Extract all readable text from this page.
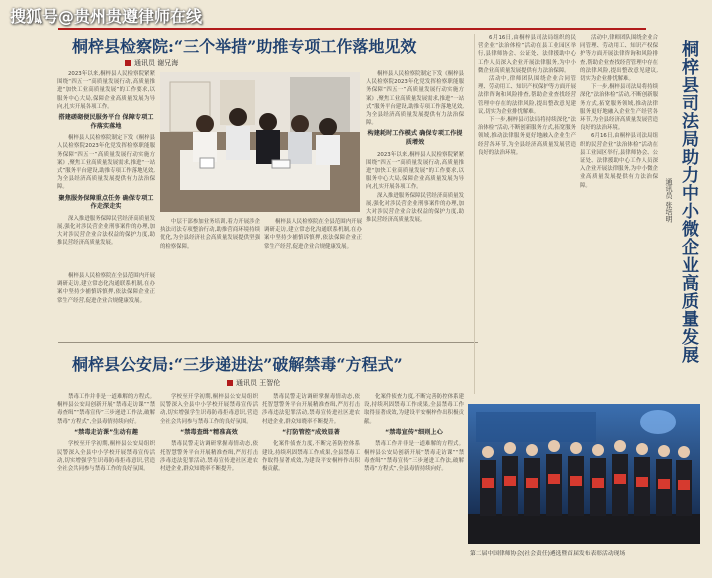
搜狐号@贵州贵遵律师在线
桐梓县检察院:“三个举措”助推专项工作落地见效
通讯员 谢兄海

2023年以来,桐梓县人民检察院紧紧围绕“四五一”高质量发展行动,高质量推进“加快工业高质量发展”的工作要求,以服务中心大局,保障企业高质量发展为导向,扎实开展各项工作。

搭建磋砌便民服务平台 保障专项工作落实落地

桐梓县人民检察院制定下发《桐梓县人民检察院2023年化党发挥检察职能服务保障“四五一”高质量发展行动实施方案》,聚焦工业高质量发展需求,推进“一站式”服务平台建设,助推专项工作落地见效,为全县经济高质量发展提供有力法治保障。

聚焦服务保障重点任务 确保专项工作走深走实

深入推进服务保障民营经济高质量发展,强化对涉民营企业刑事案件的办理,加大对涉民营企业合法权益的保护力度,助推民营经济高质量发展。

中层干部参加业务培训,着力开展涉企执法司法专项整治行动,助推营商环境持续优化,为全县经济社会高质量发展提供坚强的检察保障。

桐梓县人民检察院在全县范围内开展调研走访,建立常态化沟通联系机制,在办案中坚持少捕慎诉慎押,依法保障企业正常生产经营,促进企业合规健康发展。

桐梓县人民检察院制定下发《桐梓县人民检察院2023年化党发挥检察职能服务保障“四五一”高质量发展行动实施方案》,聚焦工业高质量发展需求,推进“一站式”服务平台建设,助推专项工作落地见效,为全县经济高质量发展提供有力法治保障。

构建耗时工作模式 确保专项工作提质增效

2023年以来,桐梓县人民检察院紧紧围绕“四五一”高质量发展行动,高质量推进“加快工业高质量发展”的工作要求,以服务中心大局,保障企业高质量发展为导向,扎实开展各项工作。

深入推进服务保障民营经济高质量发展,强化对涉民营企业刑事案件的办理,加大对涉民营企业合法权益的保护力度,助推民营经济高质量发展。

桐梓县人民检察院在全县范围内开展调研走访,建立常态化沟通联系机制,在办案中坚持少捕慎诉慎押,依法保障企业正常生产经营,促进企业合规健康发展。

桐梓县公安局:“三步递进法”破解禁毒“方程式”
通讯员 王智伦

禁毒工作并非是一道难解的方程式。桐梓县公安局创新开展“禁毒走访课”“禁毒查缉”“禁毒宣传”三步递进工作法,破解禁毒“方程式”,全县毒情持续向好。

“禁毒走访课”生动有趣

学校至开学初期,桐梓县公安局组织民警深入全县中小学校开展禁毒宣传活动,切实增强学生识毒防毒拒毒意识,营造全社会共同参与禁毒工作的良好氛围。

学校至开学初期,桐梓县公安局组织民警深入全县中小学校开展禁毒宣传活动,切实增强学生识毒防毒拒毒意识,营造全社会共同参与禁毒工作的良好氛围。

“禁毒查缉”精准高效

禁毒民警走访调研掌握毒情动态,依托智慧警务平台开展精准查缉,严厉打击涉毒违法犯罪活动,禁毒宣传进社区进农村进企业,群众知晓率不断提升。

禁毒民警走访调研掌握毒情动态,依托智慧警务平台开展精准查缉,严厉打击涉毒违法犯罪活动,禁毒宣传进社区进农村进企业,群众知晓率不断提升。

“打防管控”成效显著

化案件侦查力度,不断完善防控体系建设,持续巩固禁毒工作成果,全县禁毒工作取得显著成效,为建设平安桐梓作出积极贡献。

化案件侦查力度,不断完善防控体系建设,持续巩固禁毒工作成果,全县禁毒工作取得显著成效,为建设平安桐梓作出积极贡献。

“禁毒宣传”细则上心

禁毒工作并非是一道难解的方程式。桐梓县公安局创新开展“禁毒走访课”“禁毒查缉”“禁毒宣传”三步递进工作法,破解禁毒“方程式”,全县毒情持续向好。

6月16日,由桐梓县司法局组织的民营企业“法治体检”活动在县工业园区举行,县律师协会、公证处、法律援助中心工作人员深入企业开展法律服务,为中小微企业高质量发展提供有力法治保障。

活动中,律师团队围绕企业合同管理、劳动用工、知识产权保护等方面开展法律咨询和风险排查,帮助企业查找经营管理中存在的法律风险,提出整改意见建议,切实为企业排忧解难。

下一步,桐梓县司法局将持续深化“法治体检”活动,不断创新服务方式,拓宽服务领域,推动法律服务更好地融入企业生产经营各环节,为全县经济高质量发展营造良好的法治环境。

活动中,律师团队围绕企业合同管理、劳动用工、知识产权保护等方面开展法律咨询和风险排查,帮助企业查找经营管理中存在的法律风险,提出整改意见建议,切实为企业排忧解难。

下一步,桐梓县司法局将持续深化“法治体检”活动,不断创新服务方式,拓宽服务领域,推动法律服务更好地融入企业生产经营各环节,为全县经济高质量发展营造良好的法治环境。

6月16日,由桐梓县司法局组织的民营企业“法治体检”活动在县工业园区举行,县律师协会、公证处、法律援助中心工作人员深入企业开展法律服务,为中小微企业高质量发展提供有力法治保障。	桐梓县司法局助力中小微企业高质量发展
通讯员 张培明
第二届中国律师协会(社会责任)遴选暨首届发布表彰活动现场
